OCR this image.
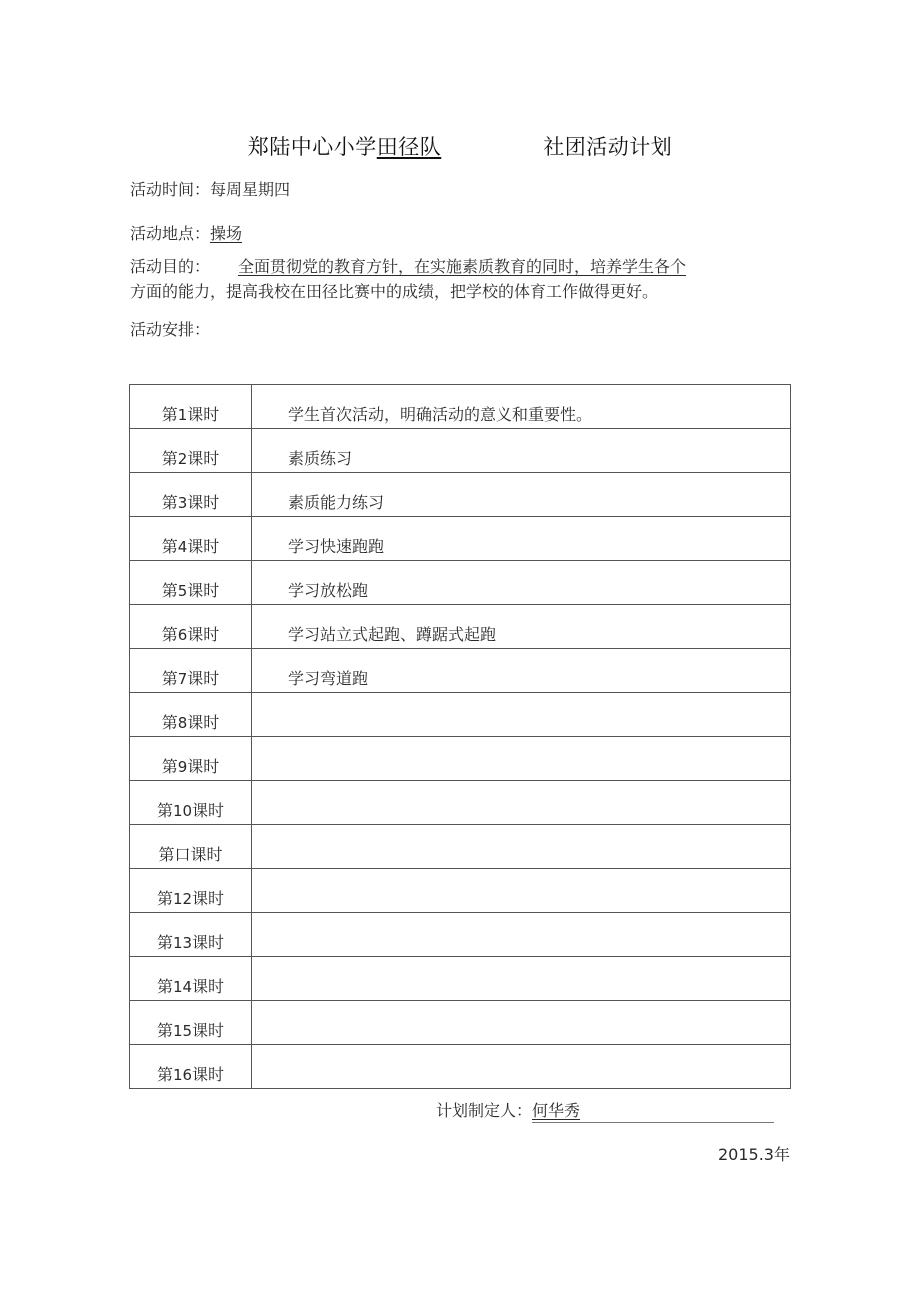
郑陆中心小学田径队	社团活动计划
活动时间：每周星期四
活动地点：操场
活动目的： 全面贯彻党的教育方针，在实施素质教育的同时，培养学生各个
方面的能力，提高我校在田径比赛中的成绩，把学校的体育工作做得更好。
活动安排：
第1课时	学生首次活动，明确活动的意义和重要性。
第2课时	素质练习
第3课时	素质能力练习
第4课时	学习快速跑跑
第5课时	学习放松跑
第6课时	学习站立式起跑、蹲踞式起跑
第7课时	学习弯道跑
第8课时	
第9课时	
第10课时	
第口课时	
第12课时	
第13课时	
第14课时	
第15课时	
第16课时	
计划制定人：何华秀
2015.3年
